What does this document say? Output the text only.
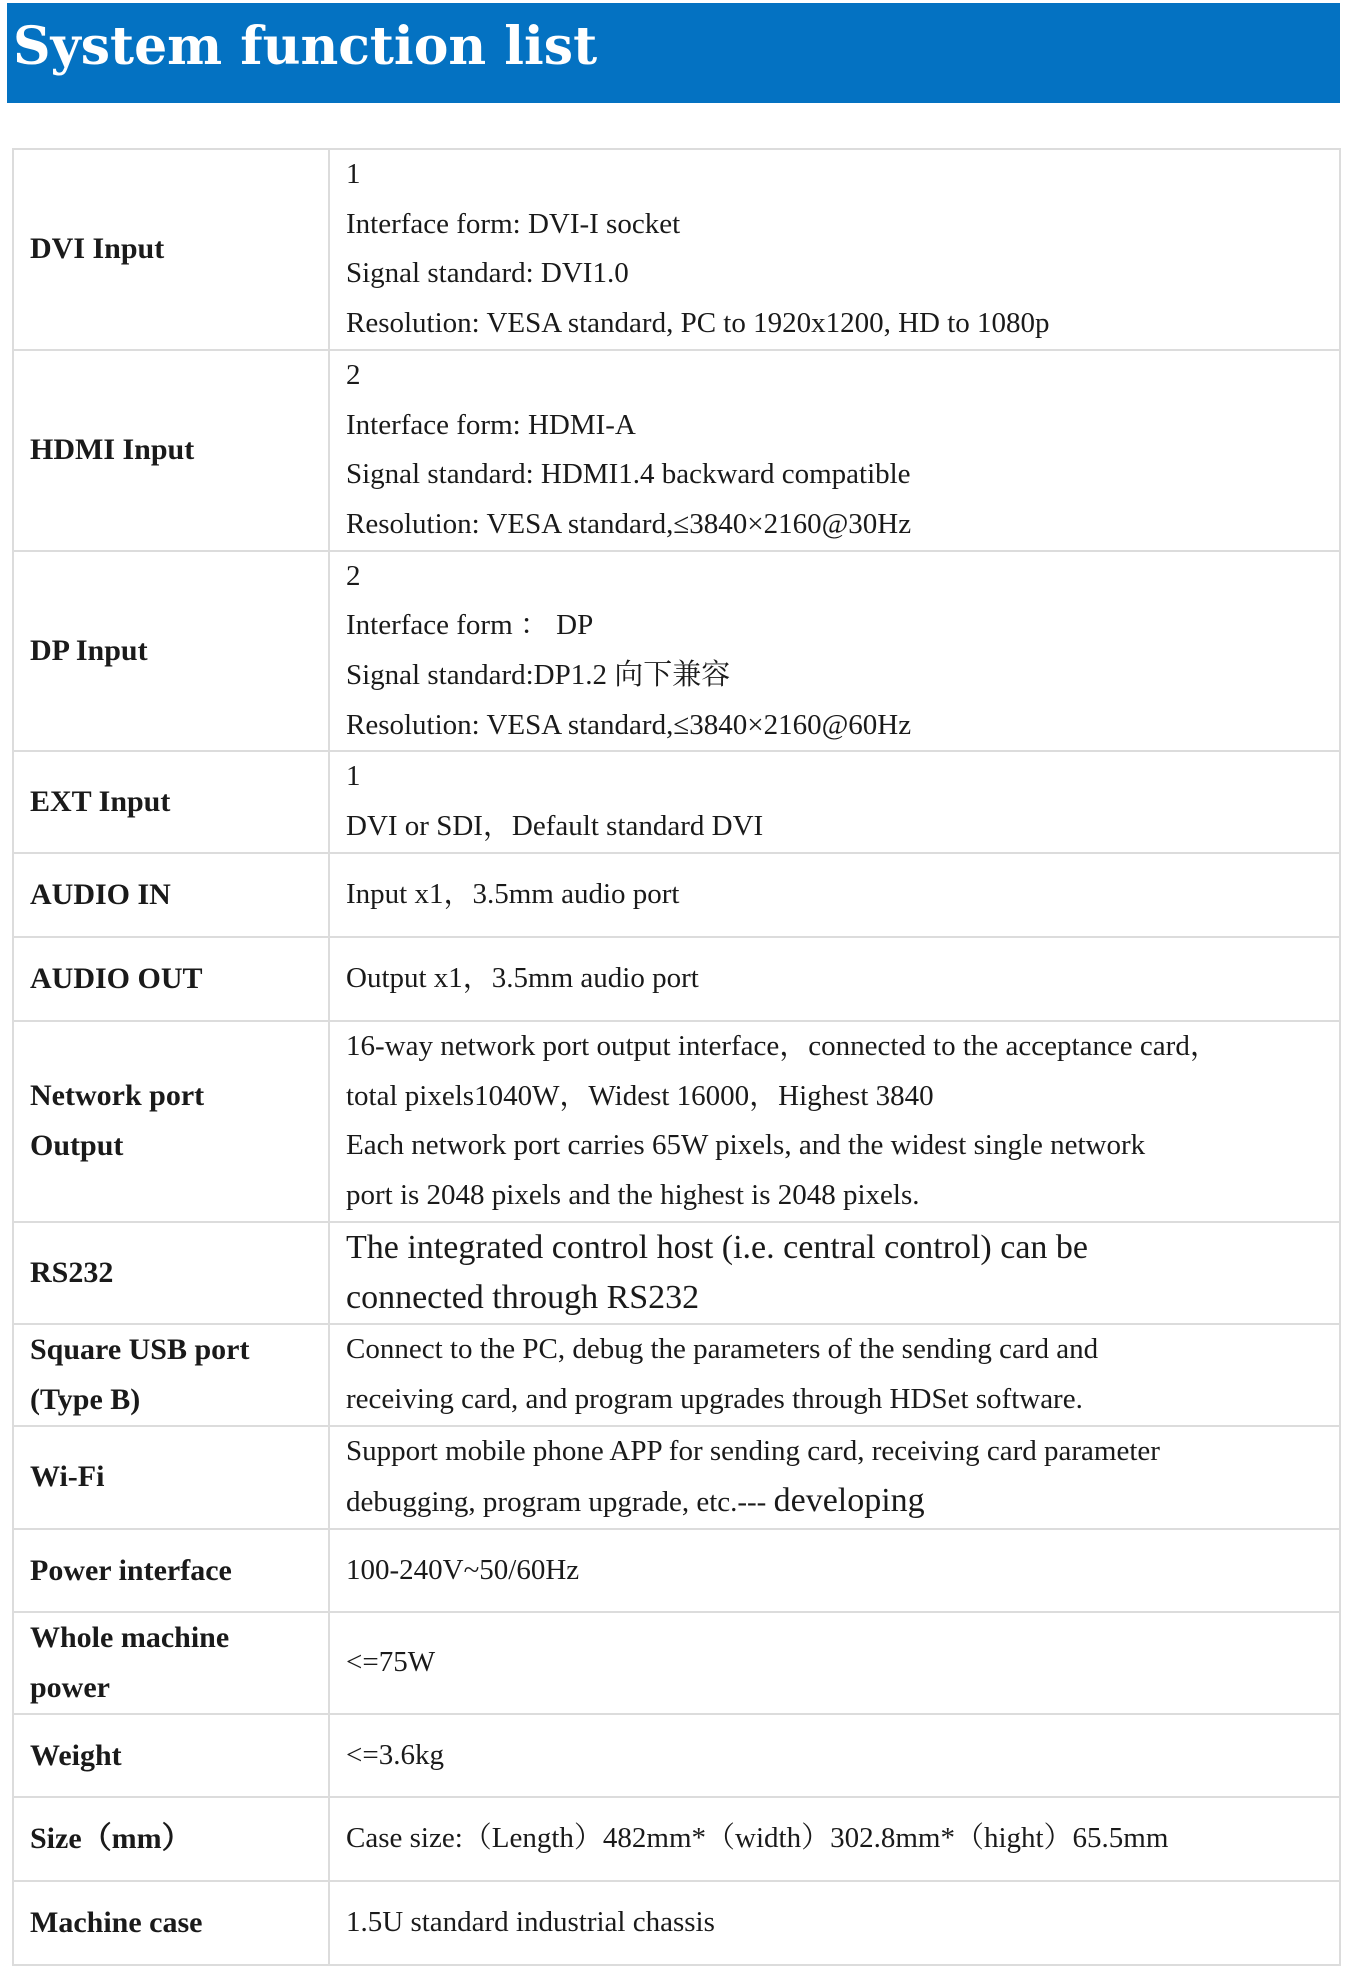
System function list
DVI Input	1
Interface form: DVI-I socket
Signal standard: DVI1.0
Resolution: VESA standard, PC to 1920x1200, HD to 1080p

HDMI Input	2
Interface form: HDMI-A
Signal standard: HDMI1.4 backward compatible
Resolution: VESA standard,≤3840×2160@30Hz

DP Input	2
Interface form ： DP
Signal standard:DP1.2 向下兼容
Resolution: VESA standard,≤3840×2160@60Hz

EXT Input	1
DVI or SDI，Default standard DVI

AUDIO IN	Input x1，3.5mm audio port

AUDIO OUT	Output x1，3.5mm audio port

Network port
Output	16-way network port output interface，connected to the acceptance card，
total pixels1040W，Widest 16000，Highest 3840
Each network port carries 65W pixels, and the widest single network
port is 2048 pixels and the highest is 2048 pixels.

RS232	The integrated control host (i.e. central control) can be
connected through RS232

Square USB port
(Type B)	Connect to the PC, debug the parameters of the sending card and
receiving card, and program upgrades through HDSet software.

Wi-Fi	Support mobile phone APP for sending card, receiving card parameter
debugging, program upgrade, etc.--- developing

Power interface	100-240V~50/60Hz

Whole machine
power	<=75W

Weight	<=3.6kg

Size（mm）	Case size:（Length）482mm*（width）302.8mm*（hight）65.5mm

Machine case	1.5U standard industrial chassis
